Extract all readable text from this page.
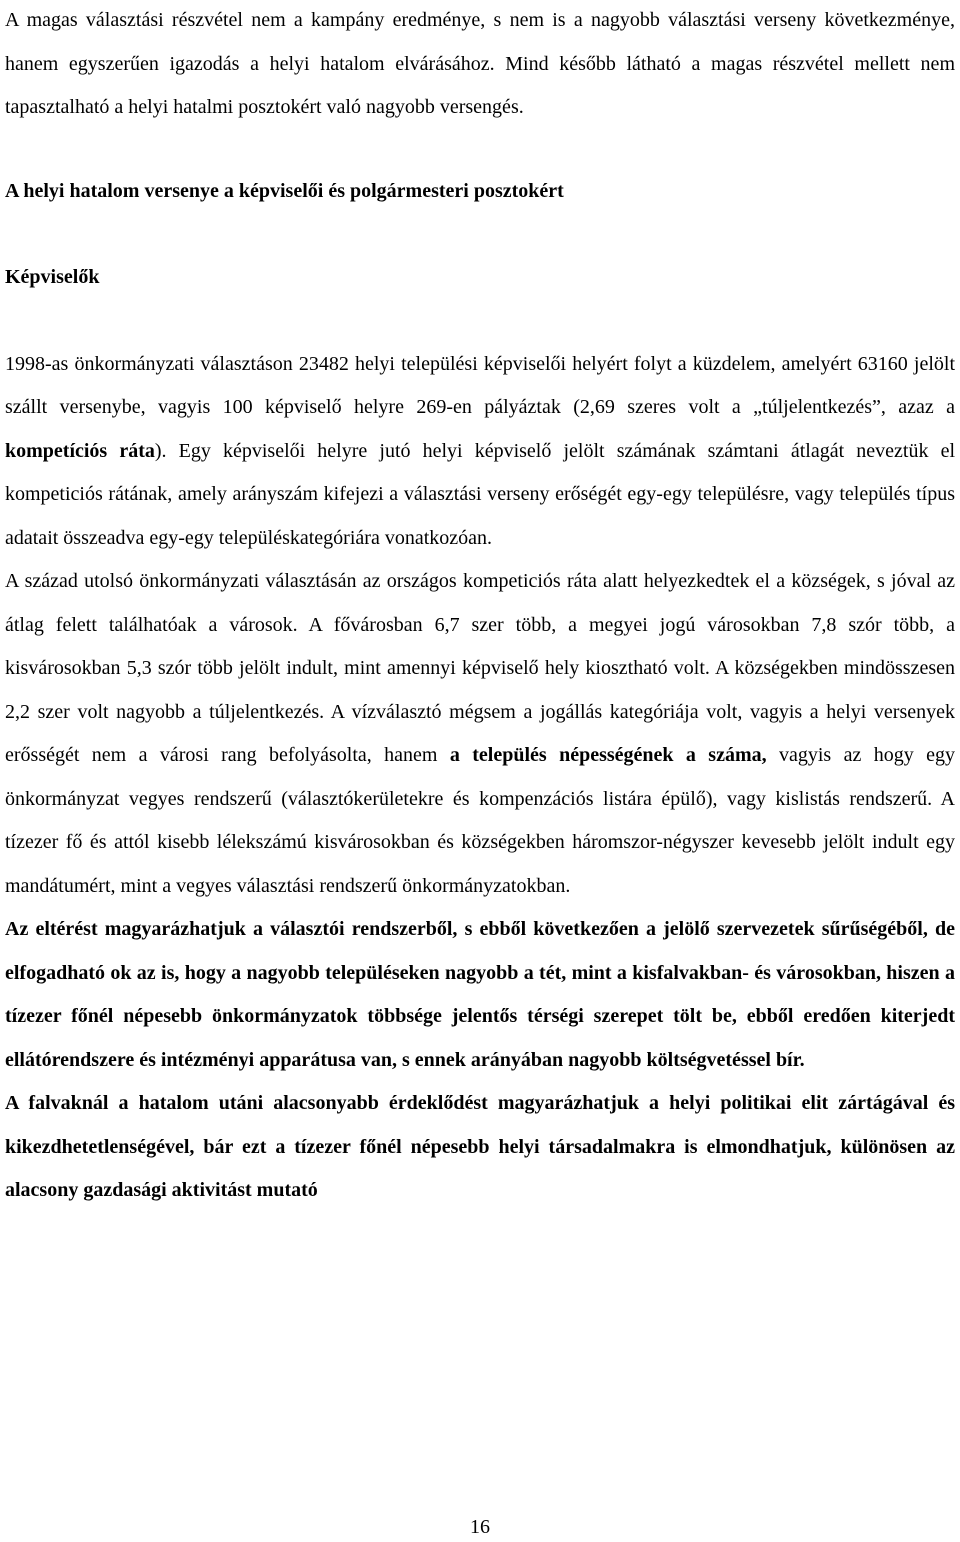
A magas választási részvétel nem a kampány eredménye, s nem is a nagyobb választási verseny következménye, hanem egyszerűen igazodás a helyi hatalom elvárásához. Mind később látható a magas részvétel mellett nem tapasztalható a helyi hatalmi posztokért való nagyobb versengés.

A helyi hatalom versenye a képviselői és polgármesteri posztokért

Képviselők

1998-as önkormányzati választáson 23482 helyi települési képviselői helyért folyt a küzdelem, amelyért 63160 jelölt szállt versenybe, vagyis 100 képviselő helyre 269-en pályáztak (2,69 szeres volt a „túljelentkezés”, azaz a kompetíciós ráta). Egy képviselői helyre jutó helyi képviselő jelölt számának számtani átlagát neveztük el kompeticiós rátának, amely arányszám kifejezi a választási verseny erőségét egy-egy településre, vagy település típus adatait összeadva egy-egy településkategóriára vonatkozóan.

A század utolsó önkormányzati választásán az országos kompeticiós ráta alatt helyezkedtek el a községek, s jóval az átlag felett találhatóak a városok. A fővárosban 6,7 szer több, a megyei jogú városokban 7,8 szór több, a kisvárosokban 5,3 szór több jelölt indult, mint amennyi képviselő hely kiosztható volt. A községekben mindösszesen 2,2 szer volt nagyobb a túljelentkezés. A vízválasztó mégsem a jogállás kategóriája volt, vagyis a helyi versenyek erősségét nem a városi rang befolyásolta, hanem a település népességének a száma, vagyis az hogy egy önkormányzat vegyes rendszerű (választókerületekre és kompenzációs listára épülő), vagy kislistás rendszerű. A tízezer fő és attól kisebb lélekszámú kisvárosokban és községekben háromszor-négyszer kevesebb jelölt indult egy mandátumért, mint a vegyes választási rendszerű önkormányzatokban.

Az eltérést magyarázhatjuk a választói rendszerből, s ebből következően a jelölő szervezetek sűrűségéből, de elfogadható ok az is, hogy a nagyobb településeken nagyobb a tét, mint a kisfalvakban- és városokban, hiszen a tízezer főnél népesebb önkormányzatok többsége jelentős térségi szerepet tölt be, ebből eredően kiterjedt ellátórendszere és intézményi apparátusa van, s ennek arányában nagyobb költségvetéssel bír.

A falvaknál a hatalom utáni alacsonyabb érdeklődést magyarázhatjuk a helyi politikai elit zártágával és kikezdhetetlenségével, bár ezt a tízezer főnél népesebb helyi társadalmakra is elmondhatjuk, különösen az alacsony gazdasági aktivitást mutató

16
